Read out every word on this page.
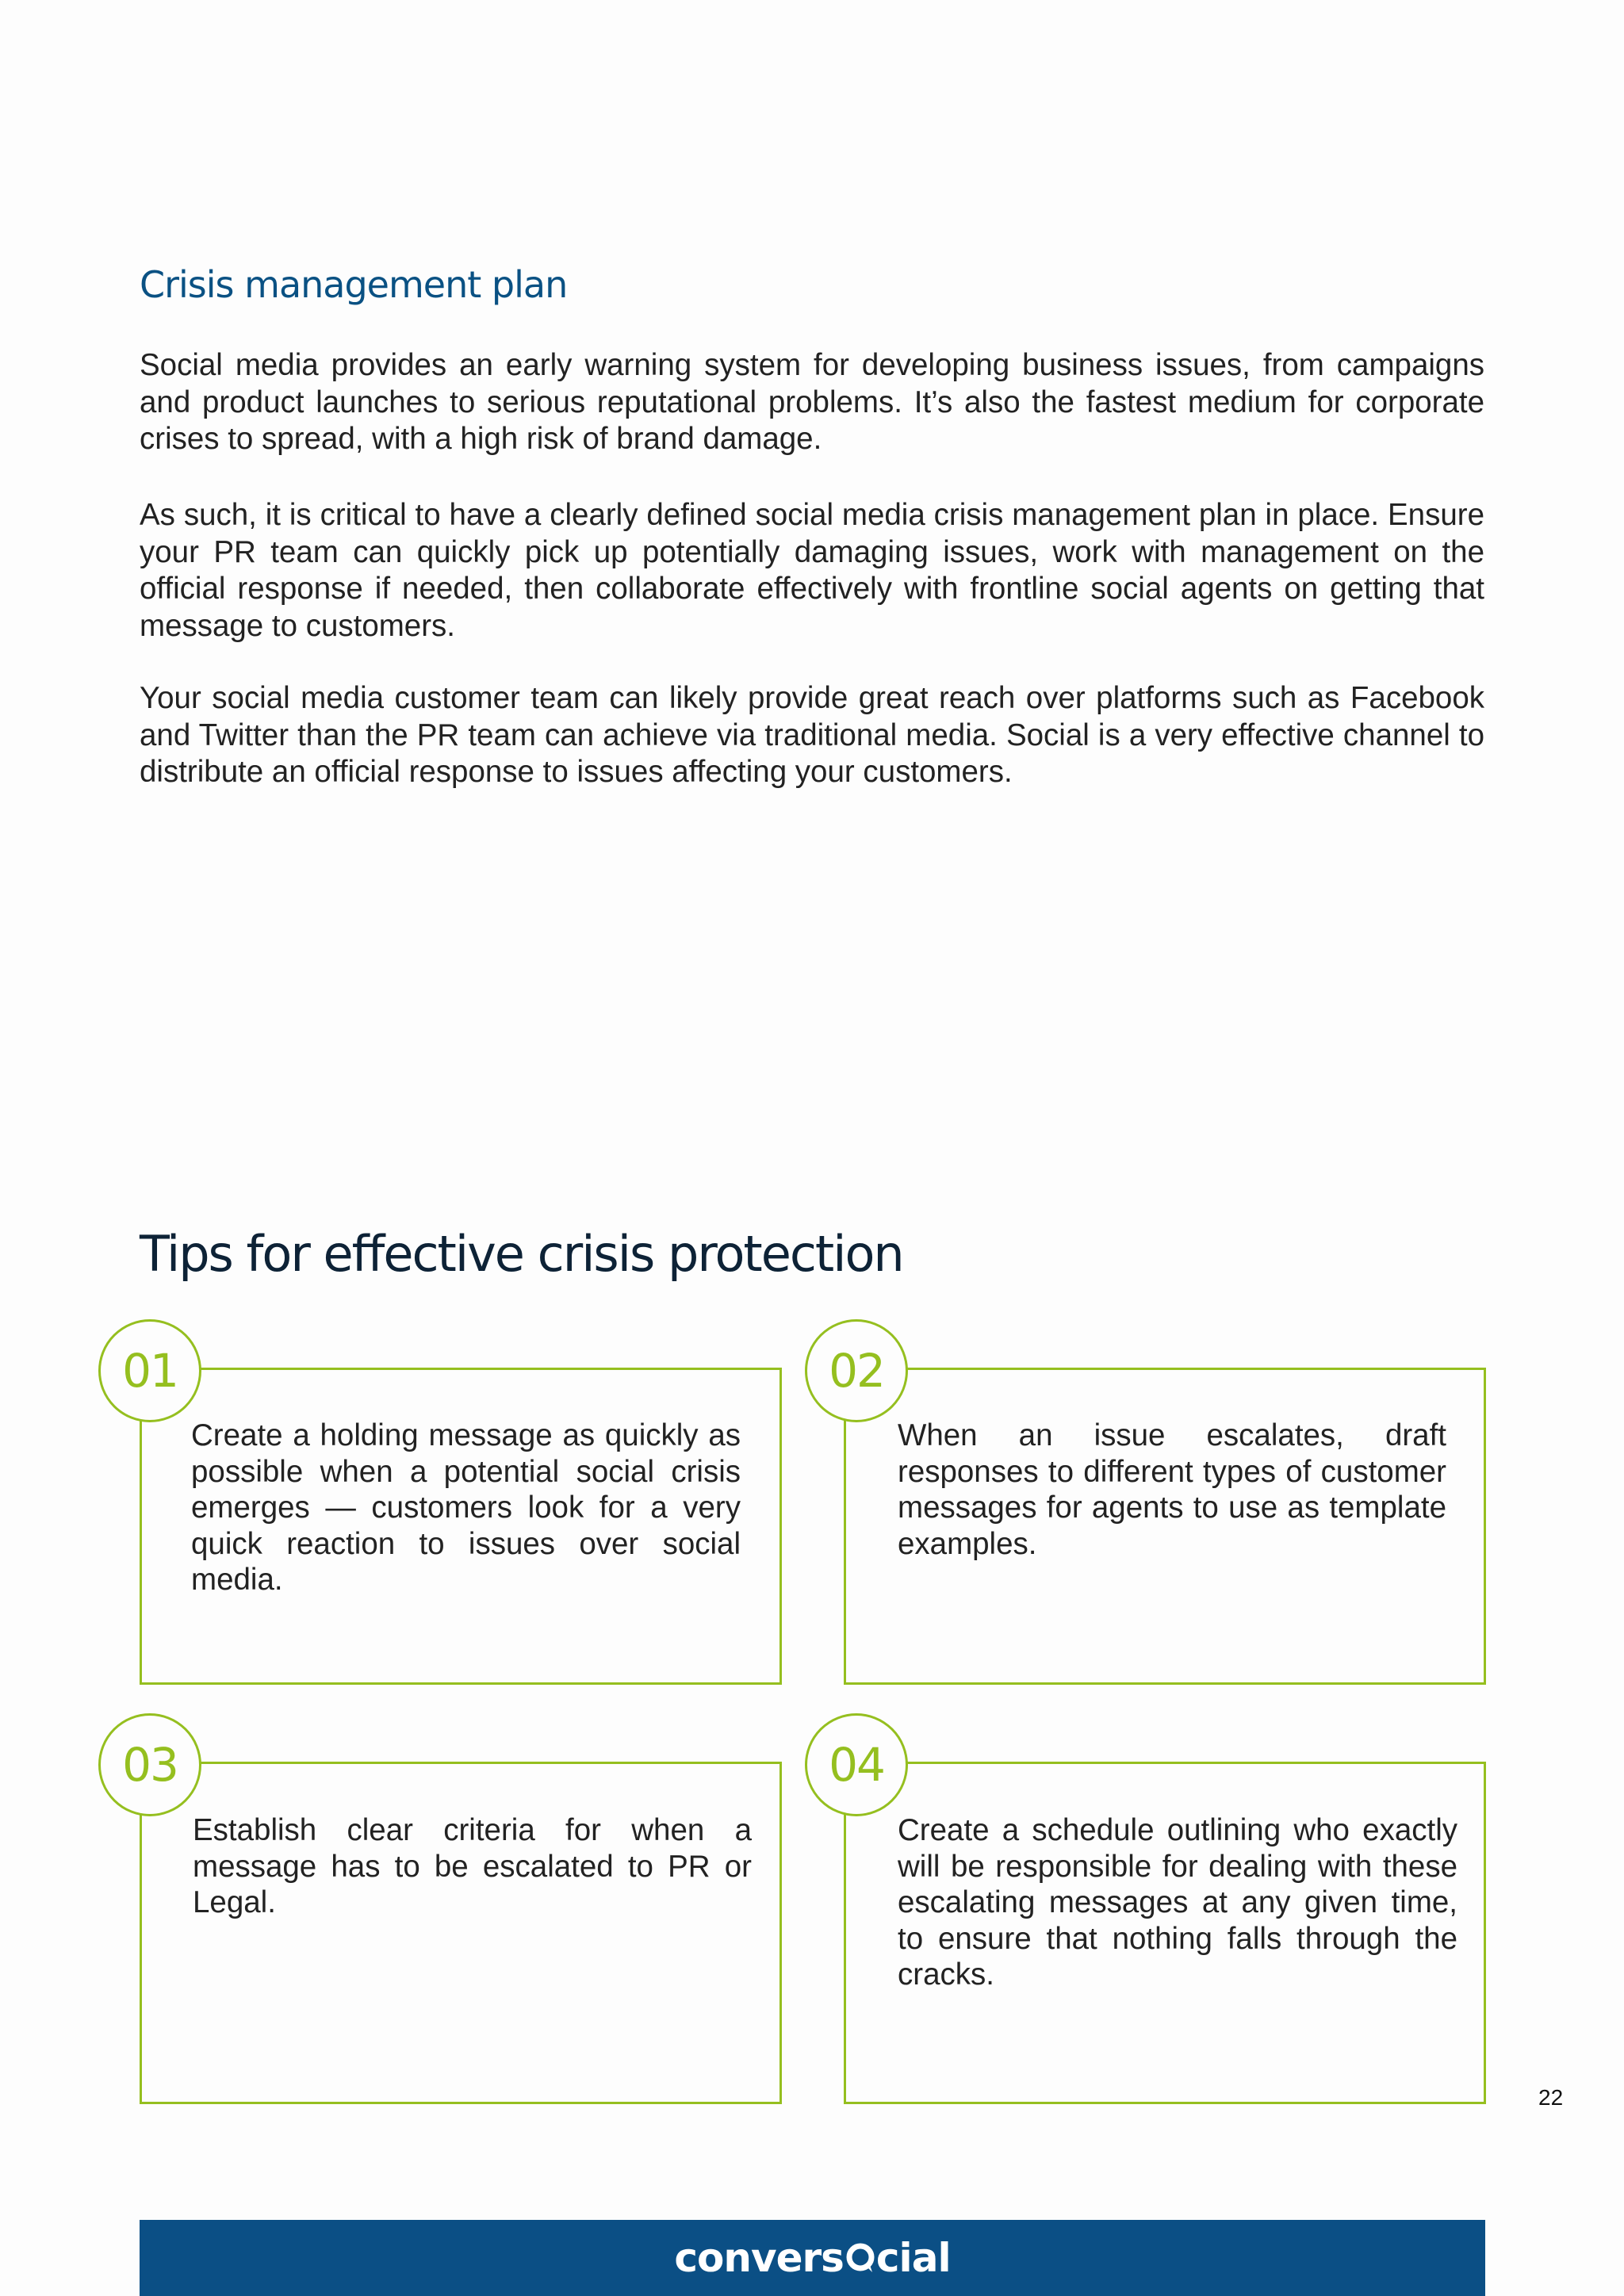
Crisis management plan

Social media provides an early warning system for developing business issues, from campaigns and product launches to serious reputational problems. It’s also the fastest medium for corporate crises to spread, with a high risk of brand damage.

As such, it is critical to have a clearly defined social media crisis management plan in place. Ensure your PR team can quickly pick up potentially damaging issues, work with management on the official response if needed, then collaborate effectively with frontline social agents on getting that message to customers.

Your social media customer team can likely provide great reach over platforms such as Facebook and Twitter than the PR team can achieve via traditional media. Social is a very effective channel to distribute an official response to issues affecting your customers.

Tips for effective crisis protection
01

Create a holding message as quickly as possible when a potential social crisis emerges — customers look for a very quick reaction to issues over social media.

02

When an issue escalates, draft responses to different types of customer messages for agents to use as template examples.

03

Establish clear criteria for when a message has to be escalated to PR or Legal.

04

Create a schedule outlining who exactly will be responsible for dealing with these escalating messages at any given time, to ensure that nothing falls through the cracks.

22

convers cial
